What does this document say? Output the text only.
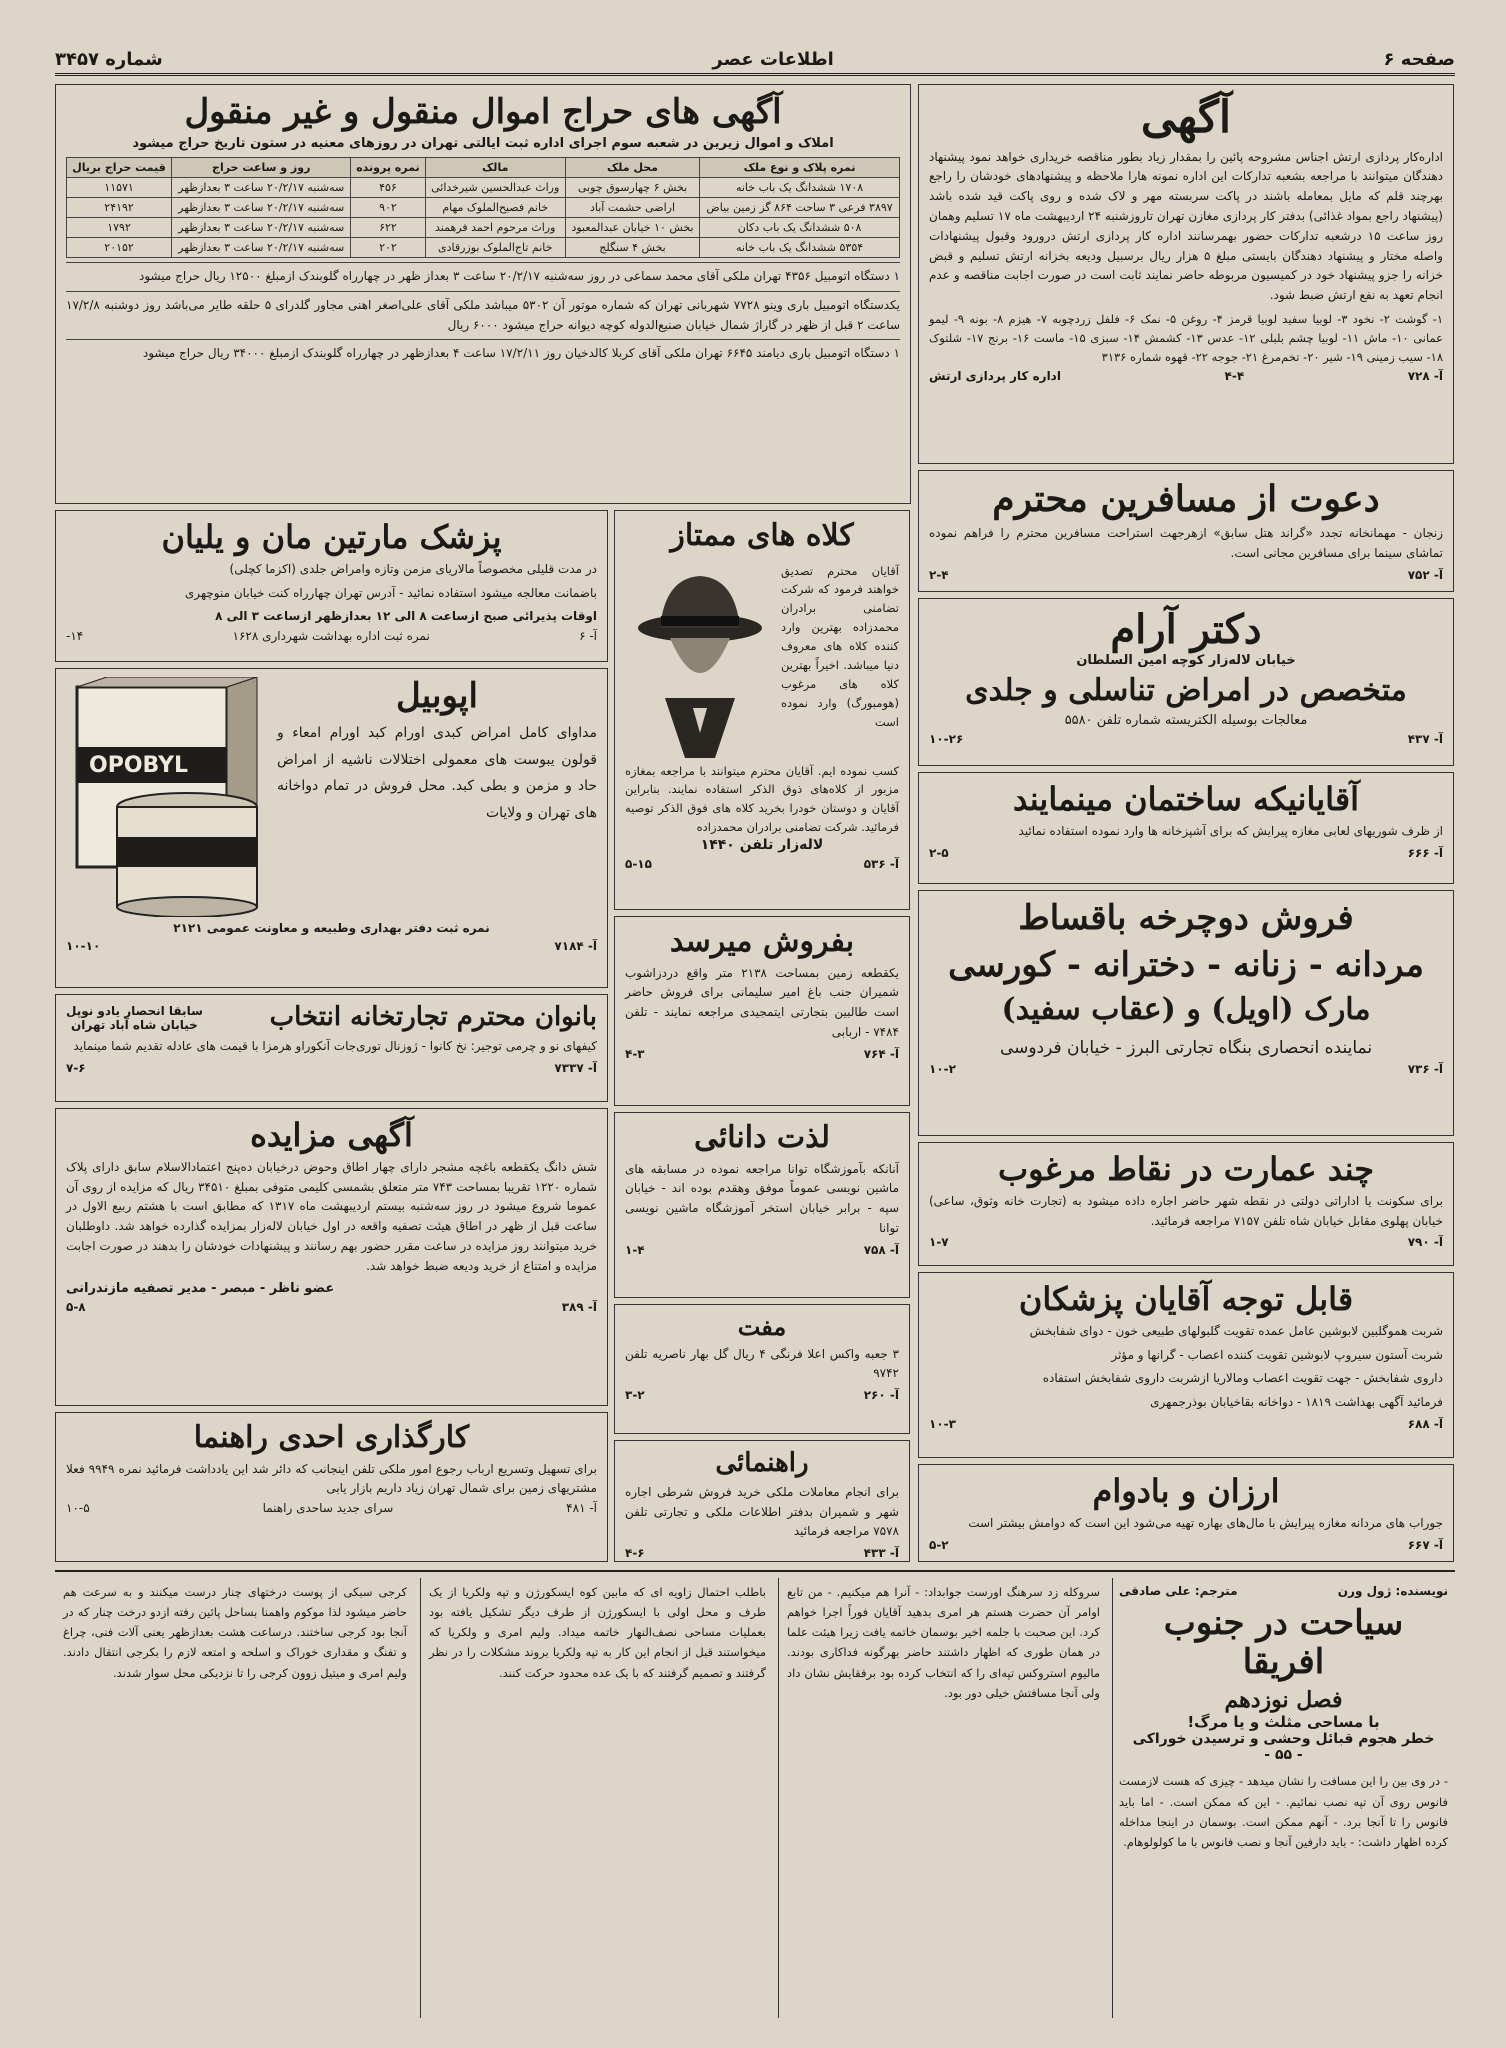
صفحه ۶
اطلاعات عصر
شماره ۳۴۵۷
آگهی

اداره‌کار پردازی ارتش اجناس مشروحه پائین را بمقدار زیاد بطور مناقصه خریداری خواهد نمود پیشنهاد دهندگان میتوانند با مراجعه بشعبه تدارکات این اداره نمونه هارا ملاحظه و پیشنهادهای خودشان را راجع بهرچند قلم که مایل بمعامله باشند در پاکت سربسته مهر و لاک شده و روی پاکت قید شده باشد (پیشنهاد راجع بمواد غذائی) بدفتر کار پردازی مغازن تهران تاروزشنبه ۲۴ اردیبهشت ماه ۱۷ تسلیم وهمان روز ساعت ۱۵ درشعبه تدارکات حضور بهمرسانند اداره کار پردازی ارتش درورود وقبول پیشنهادات واصله مختار و پیشنهاد دهندگان بایستی مبلغ ۵ هزار ریال برسبیل ودیعه بخزانه ارتش تسلیم و قبض خزانه را جزو پیشنهاد خود در کمیسیون مربوطه حاضر نمایند ثابت است در صورت اجابت مناقصه و عدم انجام تعهد به نفع ارتش ضبط شود.

۱- گوشت ۲- نخود ۳- لوبیا سفید لوبیا قرمز ۴- روغن ۵- نمک ۶- فلفل زردچوبه ۷- هیزم ۸- بونه ۹- لیمو عمانی ۱۰- ماش ۱۱- لوبیا چشم بلبلی ۱۲- عدس ۱۳- کشمش ۱۴- سبزی ۱۵- ماست ۱۶- برنج ۱۷- شلتوک ۱۸- سیب زمینی ۱۹- شیر ۲۰- تخم‌مرغ ۲۱- جوجه ۲۲- قهوه شماره ۳۱۳۶

آ- ۷۲۸
۴-۴
اداره کار پردازی ارتش
دعوت از مسافرین محترم

زنجان - مهمانخانه تجدد «گراند هتل سابق» ازهرجهت استراحت مسافرین محترم را فراهم نموده تماشای سینما برای مسافرین مجانی است.

آ- ۷۵۲
۲-۴
دکتر آرام
خیابان لاله‌زار کوچه امین السلطان
متخصص در امراض تناسلی و جلدی
معالجات بوسیله الکتریسته شماره تلفن ۵۵۸۰
آ- ۴۳۷
۱۰-۲۶
آقایانیکه ساختمان مینمایند

از ظرف شوریهای لعابی مغازه پیرایش که برای آشپزخانه ها وارد نموده استفاده نمائید

آ- ۶۶۶
۲-۵
فروش دوچرخه باقساط
مردانه - زنانه - دخترانه - کورسی
مارک (اویل) و (عقاب سفید)
نماینده انحصاری بنگاه تجارتی البرز - خیابان فردوسی
آ- ۷۳۶
۱۰-۲
چند عمارت در نقاط مرغوب

برای سکونت یا اداراتی دولتی در نقطه شهر حاضر اجاره داده میشود به (تجارت خانه وثوق، ساعی) خیابان پهلوی مقابل خیابان شاه تلفن ۷۱۵۷ مراجعه فرمائید.

آ- ۷۹۰
۱-۷
قابل توجه آقایان پزشکان

شربت هموگلبین لابوشین عامل عمده تقویت گلبولهای طبیعی خون - دوای شفابخش

شربت آستون سیروپ لابوشین تقویت کننده اعصاب - گرانها و مؤثر

داروی شفابخش - جهت تقویت اعصاب ومالاریا ازشربت داروی شفابخش استفاده

فرمائید آگهی بهداشت ۱۸۱۹ - دواخانه بقاخیابان بوذرجمهری

آ- ۶۸۸
۱۰-۳
ارزان و بادوام

جوراب های مردانه مغازه پیرایش با مال‌های بهاره تهیه می‌شود این است که دوامش بیشتر است

آ- ۶۶۷
۵-۲
آگهی های حراج اموال منقول و غیر منقول
املاک و اموال زیرین در شعبه سوم اجرای اداره ثبت ایالتی تهران در روزهای معنیه در ستون تاریخ حراج میشود
نمره پلاک و نوع ملک	محل ملک	مالک	نمره پرونده	روز و ساعت حراج	قیمت حراج بریال
۱۷۰۸ ششدانگ یک باب خانه	بخش ۶ چهارسوق چوبی	وراث عبدالحسین شیرخدائی	۴۵۶	سه‌شنبه ۲۰/۲/۱۷ ساعت ۳ بعدازظهر	۱۱۵۷۱
۳۸۹۷ فرعی ۳ ساحت ۸۶۴ گز زمین بیاض	اراضی حشمت آباد	خانم فصیح‌الملوک مهام	۹۰۲	سه‌شنبه ۲۰/۲/۱۷ ساعت ۳ بعدازظهر	۲۴۱۹۲
۵۰۸ ششدانگ یک باب دکان	بخش ۱۰ خیابان عبدالمعبود	وراث مرحوم احمد فرهمند	۶۲۲	سه‌شنبه ۲۰/۲/۱۷ ساعت ۳ بعدازظهر	۱۷۹۲
۵۳۵۴ ششدانگ یک باب خانه	بخش ۴ سنگلج	خانم تاج‌الملوک بوزرقادی	۲۰۲	سه‌شنبه ۲۰/۲/۱۷ ساعت ۳ بعدازظهر	۲۰۱۵۲

۱ دستگاه اتومبیل ۴۳۵۶ تهران ملکی آقای محمد سماعی در روز سه‌شنبه ۲۰/۲/۱۷ ساعت ۳ بعداز ظهر در چهارراه گلوبندک ازمبلغ ۱۲۵۰۰ ریال حراج میشود

یکدستگاه اتومبیل باری وینو ۷۷۲۸ شهربانی تهران که شماره موتور آن ۵۳۰۲ میباشد ملکی آقای علی‌اصغر اهنی مجاور گلدرای ۵ حلقه طایر می‌باشد روز دوشنبه ۱۷/۲/۸ ساعت ۲ قبل از ظهر در گاراژ شمال خیابان صنیع‌الدوله کوچه دیوانه حراج میشود ۶۰۰۰ ریال

۱ دستگاه اتومبیل باری دیامند ۶۶۴۵ تهران ملکی آقای کربلا کالدخیان روز ۱۷/۲/۱۱ ساعت ۴ بعدازظهر در چهارراه گلوبندک ازمبلغ ۳۴۰۰۰ ریال حراج میشود

کلاه های ممتاز

آقایان محترم تصدیق خواهند فرمود که شرکت تضامنی برادران محمدزاده بهترین وارد کننده کلاه های معروف دنیا میباشد. اخیراً بهترین کلاه های مرغوب (هومبورگ) وارد نموده است

کسب نموده ایم. آقایان محترم میتوانند با مراجعه بمغازه مزبور از کلاه‌های ذوق الذکر استفاده نمایند. بنابراین آقایان و دوستان خودرا بخرید کلاه های فوق الذکر توصیه فرمائید. شرکت تضامنی برادران محمدزاده

لاله‌زار تلفن ۱۴۴۰
آ- ۵۳۶
۵-۱۵
بفروش میرسد

یکقطعه زمین بمساحت ۲۱۳۸ متر واقع دردزاشوب شمیران جنب باغ امیر سلیمانی برای فروش حاضر است طالبین بتجارتی ایتمجیدی مراجعه نمایند - تلفن ۷۴۸۴ - اربابی

آ- ۷۶۴
۴-۳
لذت دانائی

آنانکه بآموزشگاه توانا مراجعه نموده در مسابقه های ماشین نویسی عموماً موفق وهقدم بوده اند - خیابان سپه - برابر خیابان استخر آموزشگاه ماشین نویسی توانا

آ- ۷۵۸
۱-۴
مفت

۳ جعبه واکس اعلا فرنگی ۴ ریال گل بهار ناصریه تلفن ۹۷۴۲

آ- ۲۶۰
۳-۲
راهنمائی

برای انجام معاملات ملکی خرید فروش شرطی اجاره شهر و شمیران بدفتر اطلاعات ملکی و تجارتی تلفن ۷۵۷۸ مراجعه فرمائید

آ- ۴۳۳
۴-۶
پزشک مارتین مان و یلیان

در مدت قلیلی مخصوصاً مالاریای مزمن وتازه وامراض جلدی (اکزما کچلی)

باضمانت معالجه میشود استفاده نمائید - آدرس تهران چهارراه کنت خیابان منوچهری

اوقات پذیرائی صبح ازساعت ۸ الی ۱۲ بعدازظهر ازساعت ۳ الی ۸

آ- ۶
نمره ثبت اداره بهداشت شهرداری ۱۶۲۸
۱۴-
اپوبیل

مداوای کامل امراض کبدی اورام کبد اورام امعاء و قولون یبوست های معمولی اختلالات ناشیه از امراض حاد و مزمن و بطی کبد. محل فروش در تمام دواخانه های تهران و ولایات

OPOBYL
نمره ثبت دفتر بهداری وطبیعه و معاونت عمومی ۲۱۲۱
آ- ۷۱۸۴
۱۰-۱۰
بانوان محترم تجارتخانه انتخاب
سابقا انحصار یادو نوپل
خیابان شاه آباد تهران

کیفهای نو و چرمی توجیر: نخ کانوا - ژوزنال توری‌جات آنکوراو هرمزا با قیمت های عادله تقدیم شما مینماید

آ- ۷۳۳۷
۷-۶
آگهی مزایده

شش دانگ یکقطعه باغچه مشجر دارای چهار اطاق وحوض درخیابان ده‌پنج اعتمادالاسلام سابق دارای پلاک شماره ۱۲۲۰ تقریبا بمساحت ۷۴۳ متر متعلق بشمسی کلیمی متوفی بمبلغ ۳۴۵۱۰ ریال که مزایده از روی آن عموما شروع میشود در روز سه‌شنبه بیستم اردیبهشت ماه ۱۳۱۷ که مطابق است با هشتم ربیع الاول در ساعت قبل از ظهر در اطاق هیئت تصفیه واقعه در اول خیابان لاله‌زار بمزایده گذارده خواهد شد. داوطلبان خرید میتوانند روز مزایده در ساعت مقرر حضور بهم رسانند و پیشنهادات خودشان را بدهند در صورت اجابت مزایده و امتناع از خرید ودیعه ضبط خواهد شد.

عضو ناظر - مبصر - مدیر تصفیه مازندرانی
آ- ۳۸۹
۵-۸
کارگذاری احدی راهنما

برای تسهیل وتسریع ارباب رجوع امور ملکی تلفن اینجانب که دائر شد این یادداشت فرمائید نمره ۹۹۴۹ فعلا مشتریهای زمین برای شمال تهران زیاد داریم بازار یابی

آ- ۴۸۱
سرای جدید ساحدی راهنما
۱۰-۵
نویسنده: ژول ورن
مترجم: علی صادقی
سیاحت در جنوب افریقا
فصل نوزدهم
با مساحی مثلث و یا مرگ!
خطر هجوم قبائل وحشی و ترسیدن خوراکی
- ۵۵ -

- در وی بین را این مسافت را نشان میدهد - چیزی که هست لازمست فانوس روی آن تپه نصب نمائیم. - این که ممکن است. - اما باید فانوس را تا آنجا برد. - آنهم ممکن است. بوسمان در اینجا مداخله کرده اظهار داشت: - باید دارفین آنجا و نصب فانوس با ما کولولوهام.

سروکله زد سرهنگ اورست جوابداد: - آنرا هم میکنیم. - من تابع اوامر آن حضرت هستم هر امری بدهید آقایان فوراً اجرا خواهم کرد. این صحبت با جلمه اخیر بوسمان خاتمه یافت زیرا هیئت علما در همان طوری که اظهار داشتند حاضر بهرگونه فداکاری بودند. مالیوم استروکس تپه‌ای را که انتخاب کرده بود برفقایش نشان داد ولی آنجا مسافتش خیلی دور بود.

باطلب احتمال زاویه ای که مابین کوه ایسکورژن و تپه ولکریا از یک طرف و محل اولی با ایسکورژن از طرف دیگر تشکیل یافته بود بعملیات مساحی نصف‌النهار خاتمه میداد. ولیم امری و ولکریا که میخواستند قبل از انجام این کار به تپه ولکریا بروند مشکلات را در نظر گرفتند و تصمیم گرفتند که با یک عده محدود حرکت کنند.

کرجی سبکی از پوست درختهای چنار درست میکنند و به سرعت هم حاضر میشود لذا موکوم واهمنا بساحل پائین رفته ازدو درخت چنار که در آنجا بود کرجی ساختند. درساعت هشت بعدازظهر یعنی آلات فنی، چراغ و تفنگ و مقداری خوراک و اسلحه و امتعه لازم را بکرجی انتقال دادند. ولیم امری و میتیل زوون کرجی را تا نزدیکی محل سوار شدند.
